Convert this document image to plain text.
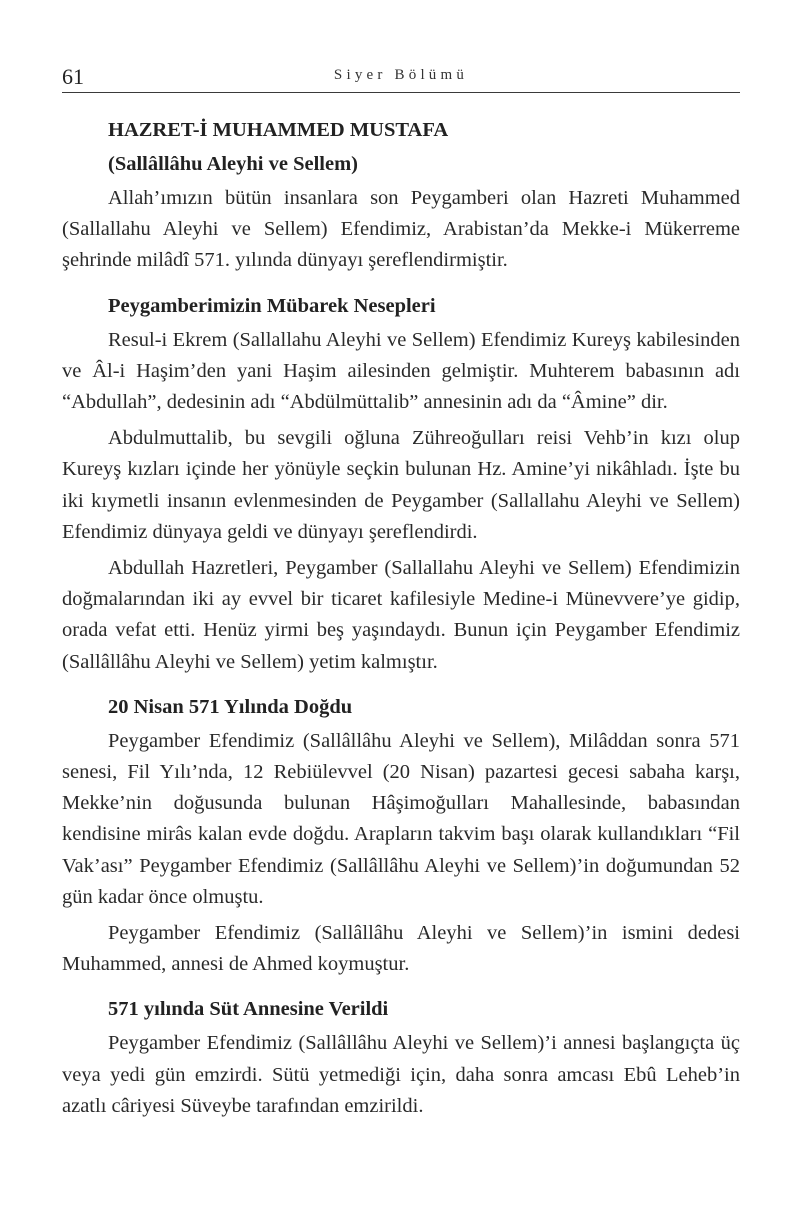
61	Siyer Bölümü
HAZRET-İ MUHAMMED MUSTAFA
(Sallâllâhu Aleyhi ve Sellem)

Allah’ımızın bütün insanlara son Peygamberi olan Hazreti Muhammed (Sallallahu Aleyhi ve Sellem) Efendimiz, Arabistan’da Mekke-i Mükerreme şehrinde milâdî 571. yılında dünyayı şereflendirmiştir.

Peygamberimizin Mübarek Nesepleri

Resul-i Ekrem (Sallallahu Aleyhi ve Sellem) Efendimiz Kureyş kabilesinden ve Âl-i Haşim’den yani Haşim ailesinden gelmiştir. Muhterem babasının adı “Abdullah”, dedesinin adı “Abdülmüttalib” annesinin adı da “Âmine” dir.

Abdulmuttalib, bu sevgili oğluna Zühreoğulları reisi Vehb’in kızı olup Kureyş kızları içinde her yönüyle seçkin bulunan Hz. Amine’yi nikâhladı. İşte bu iki kıymetli insanın evlenmesinden de Peygamber (Sallallahu Aleyhi ve Sellem) Efendimiz dünyaya geldi ve dünyayı şereflendirdi.

Abdullah Hazretleri, Peygamber (Sallallahu Aleyhi ve Sellem) Efendimizin doğmalarından iki ay evvel bir ticaret kafilesiyle Medine-i Münevvere’ye gidip, orada vefat etti. Henüz yirmi beş yaşındaydı. Bunun için Peygamber Efendimiz (Sallâllâhu Aleyhi ve Sellem) yetim kalmıştır.

20 Nisan 571 Yılında Doğdu

Peygamber Efendimiz (Sallâllâhu Aleyhi ve Sellem), Milâddan sonra 571 senesi, Fil Yılı’nda, 12 Rebiülevvel (20 Nisan) pazartesi gecesi sabaha karşı, Mekke’nin doğusunda bulunan Hâşimoğulları Mahallesinde, babasından kendisine mirâs kalan evde doğdu. Arapların takvim başı olarak kullandıkları “Fil Vak’ası” Peygamber Efendimiz (Sallâllâhu Aleyhi ve Sellem)’in doğumundan 52 gün kadar önce olmuştu.

Peygamber Efendimiz (Sallâllâhu Aleyhi ve Sellem)’in ismini dedesi Muhammed, annesi de Ahmed koymuştur.

571 yılında Süt Annesine Verildi

Peygamber Efendimiz (Sallâllâhu Aleyhi ve Sellem)’i annesi başlangıçta üç veya yedi gün emzirdi. Sütü yetmediği için, daha sonra amcası Ebû Leheb’in azatlı câriyesi Süveybe tarafından emzirildi.
